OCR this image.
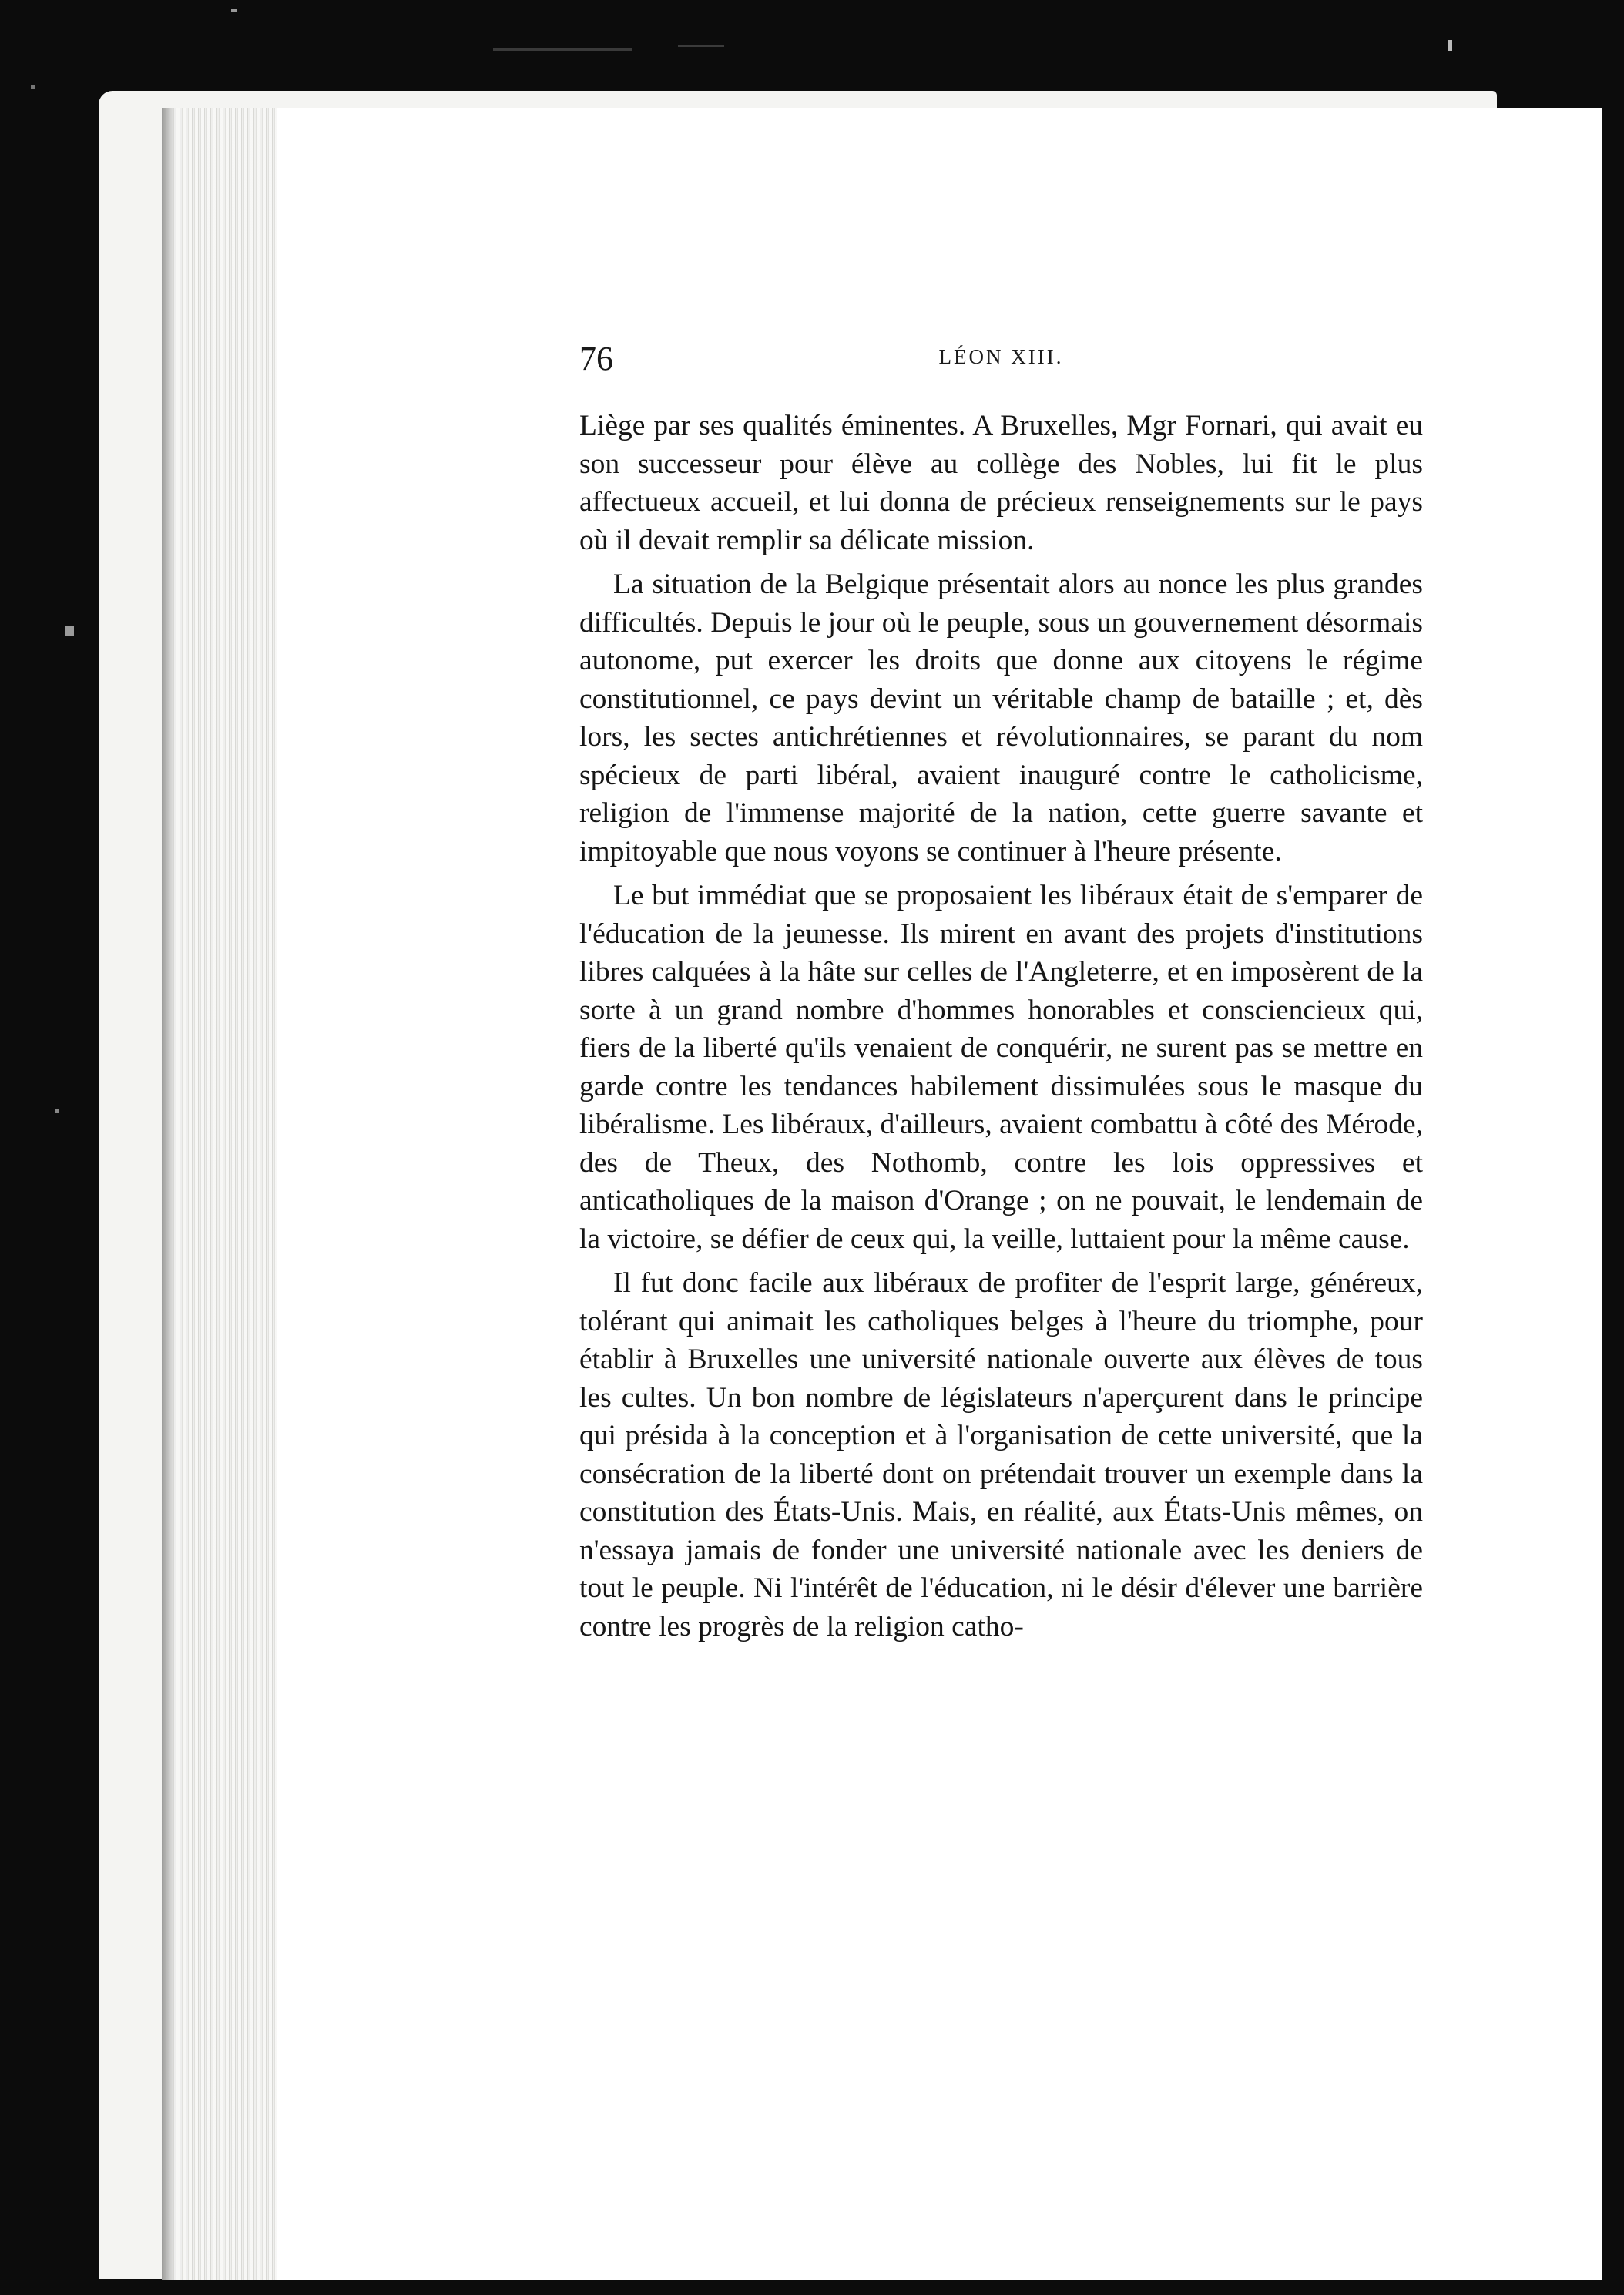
76	LÉON XIII.

Liège par ses qualités éminentes. A Bruxelles, Mgr Fornari, qui avait eu son successeur pour élève au collège des Nobles, lui fit le plus affectueux accueil, et lui donna de précieux renseignements sur le pays où il devait remplir sa délicate mission.

La situation de la Belgique présentait alors au nonce les plus grandes difficultés. Depuis le jour où le peuple, sous un gouvernement désormais autonome, put exercer les droits que donne aux citoyens le régime constitutionnel, ce pays devint un véritable champ de bataille ; et, dès lors, les sectes antichrétiennes et révolutionnaires, se parant du nom spécieux de parti libéral, avaient inauguré contre le catholicisme, religion de l'immense majorité de la nation, cette guerre savante et impitoyable que nous voyons se continuer à l'heure présente.

Le but immédiat que se proposaient les libéraux était de s'emparer de l'éducation de la jeunesse. Ils mirent en avant des projets d'institutions libres calquées à la hâte sur celles de l'Angleterre, et en imposèrent de la sorte à un grand nombre d'hommes honorables et consciencieux qui, fiers de la liberté qu'ils venaient de conquérir, ne surent pas se mettre en garde contre les tendances habilement dissimulées sous le masque du libéralisme. Les libéraux, d'ailleurs, avaient combattu à côté des Mérode, des de Theux, des Nothomb, contre les lois oppressives et anticatholiques de la maison d'Orange ; on ne pouvait, le lendemain de la victoire, se défier de ceux qui, la veille, luttaient pour la même cause.

Il fut donc facile aux libéraux de profiter de l'esprit large, généreux, tolérant qui animait les catholiques belges à l'heure du triomphe, pour établir à Bruxelles une université nationale ouverte aux élèves de tous les cultes. Un bon nombre de législateurs n'aperçurent dans le principe qui présida à la conception et à l'organisation de cette université, que la consécration de la liberté dont on prétendait trouver un exemple dans la constitution des États-Unis. Mais, en réalité, aux États-Unis mêmes, on n'essaya jamais de fonder une université nationale avec les deniers de tout le peuple. Ni l'intérêt de l'éducation, ni le désir d'élever une barrière contre les progrès de la religion catho-
